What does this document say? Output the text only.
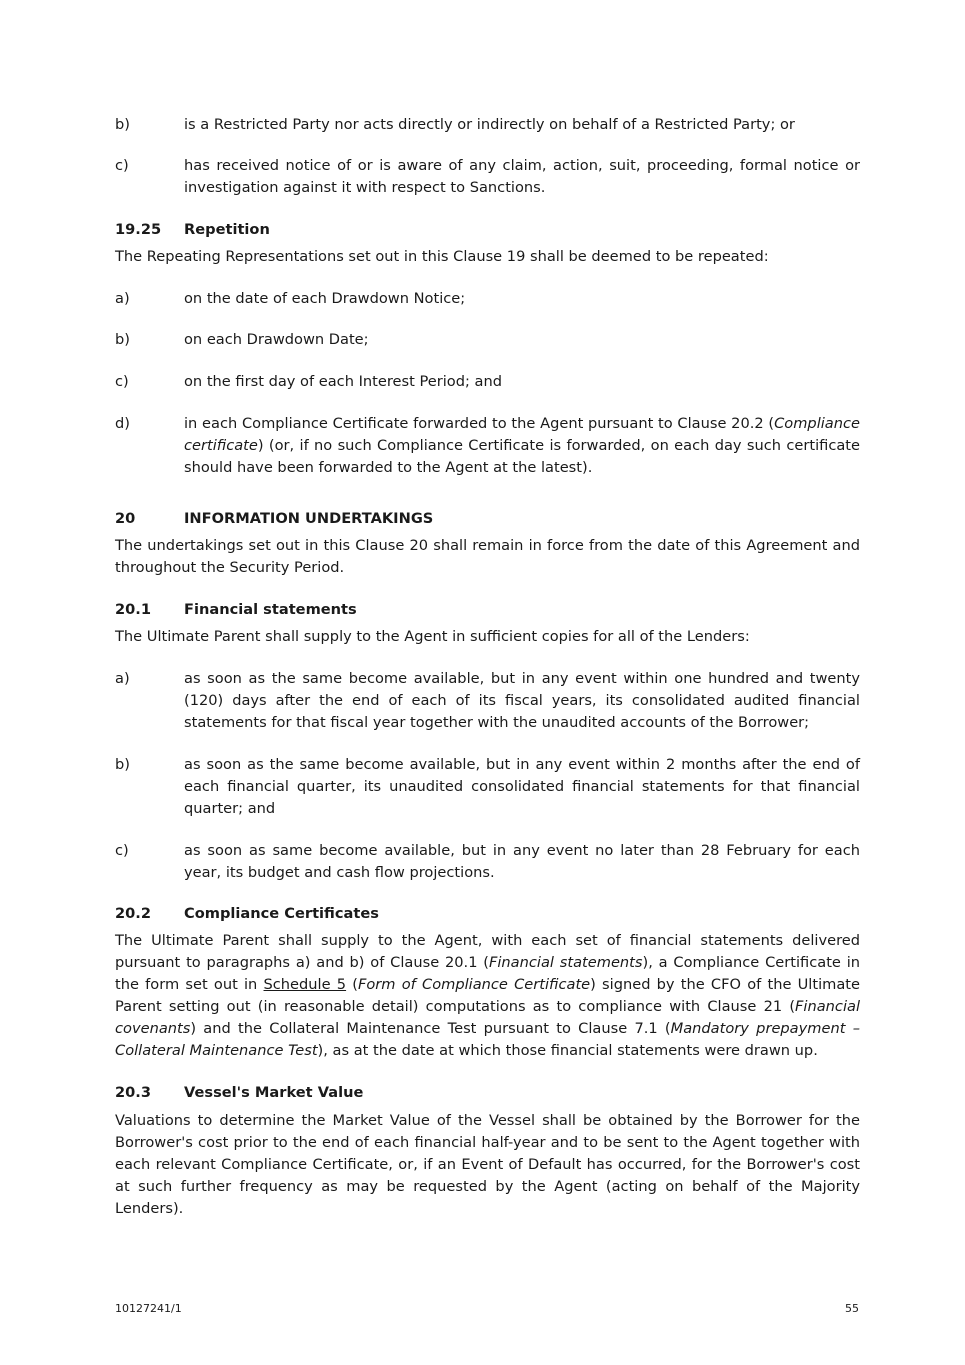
b)	is a Restricted Party nor acts directly or indirectly on behalf of a Restricted Party; or
c)	has received notice of or is aware of any claim, action, suit, proceeding, formal notice or investigation against it with respect to Sanctions.
19.25 Repetition
The Repeating Representations set out in this Clause 19 shall be deemed to be repeated:
a)	on the date of each Drawdown Notice;
b)	on each Drawdown Date;
c)	on the first day of each Interest Period; and
d)	in each Compliance Certificate forwarded to the Agent pursuant to Clause 20.2 (Compliance certificate) (or, if no such Compliance Certificate is forwarded, on each day such certificate should have been forwarded to the Agent at the latest).
20	INFORMATION UNDERTAKINGS
The undertakings set out in this Clause 20 shall remain in force from the date of this Agreement and throughout the Security Period.
20.1 Financial statements
The Ultimate Parent shall supply to the Agent in sufficient copies for all of the Lenders:
a)	as soon as the same become available, but in any event within one hundred and twenty (120) days after the end of each of its fiscal years, its consolidated audited financial statements for that fiscal year together with the unaudited accounts of the Borrower;
b)	as soon as the same become available, but in any event within 2 months after the end of each financial quarter, its unaudited consolidated financial statements for that financial quarter; and
c)	as soon as same become available, but in any event no later than 28 February for each year, its budget and cash flow projections.
20.2 Compliance Certificates
The Ultimate Parent shall supply to the Agent, with each set of financial statements delivered pursuant to paragraphs a) and b) of Clause 20.1 (Financial statements), a Compliance Certificate in the form set out in Schedule 5 (Form of Compliance Certificate) signed by the CFO of the Ultimate Parent setting out (in reasonable detail) computations as to compliance with Clause 21 (Financial covenants) and the Collateral Maintenance Test pursuant to Clause 7.1 (Mandatory prepayment – Collateral Maintenance Test), as at the date at which those financial statements were drawn up.
20.3 Vessel's Market Value
Valuations to determine the Market Value of the Vessel shall be obtained by the Borrower for the Borrower's cost prior to the end of each financial half-year and to be sent to the Agent together with each relevant Compliance Certificate, or, if an Event of Default has occurred, for the Borrower's cost at such further frequency as may be requested by the Agent (acting on behalf of the Majority Lenders).
10127241/1	55
